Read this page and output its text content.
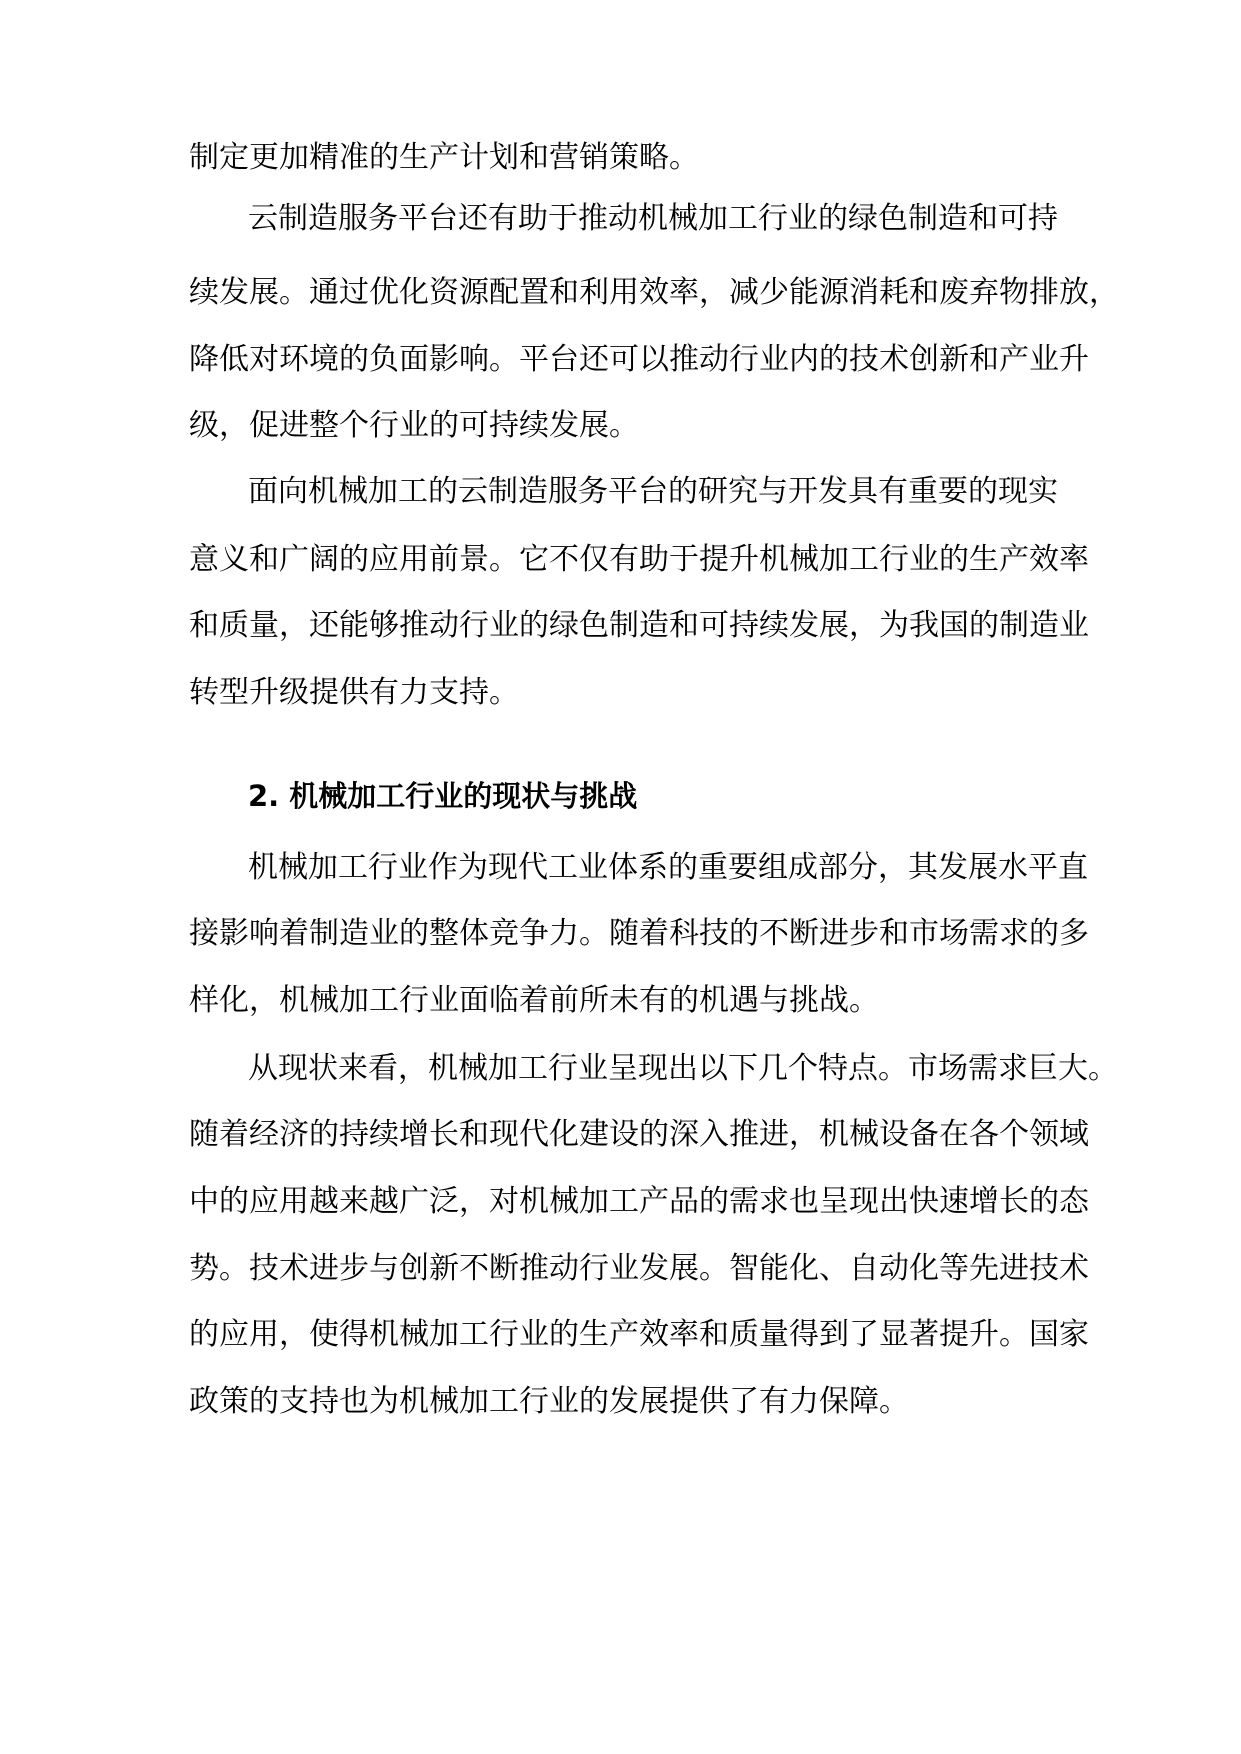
制定更加精准的生产计划和营销策略。
云制造服务平台还有助于推动机械加工行业的绿色制造和可持
续发展。通过优化资源配置和利用效率，减少能源消耗和废弃物排放，
降低对环境的负面影响。平台还可以推动行业内的技术创新和产业升
级，促进整个行业的可持续发展。
面向机械加工的云制造服务平台的研究与开发具有重要的现实
意义和广阔的应用前景。它不仅有助于提升机械加工行业的生产效率
和质量，还能够推动行业的绿色制造和可持续发展，为我国的制造业
转型升级提供有力支持。
2. 机械加工行业的现状与挑战
机械加工行业作为现代工业体系的重要组成部分，其发展水平直
接影响着制造业的整体竞争力。随着科技的不断进步和市场需求的多
样化，机械加工行业面临着前所未有的机遇与挑战。
从现状来看，机械加工行业呈现出以下几个特点。市场需求巨大。
随着经济的持续增长和现代化建设的深入推进，机械设备在各个领域
中的应用越来越广泛，对机械加工产品的需求也呈现出快速增长的态
势。技术进步与创新不断推动行业发展。智能化、自动化等先进技术
的应用，使得机械加工行业的生产效率和质量得到了显著提升。国家
政策的支持也为机械加工行业的发展提供了有力保障。
